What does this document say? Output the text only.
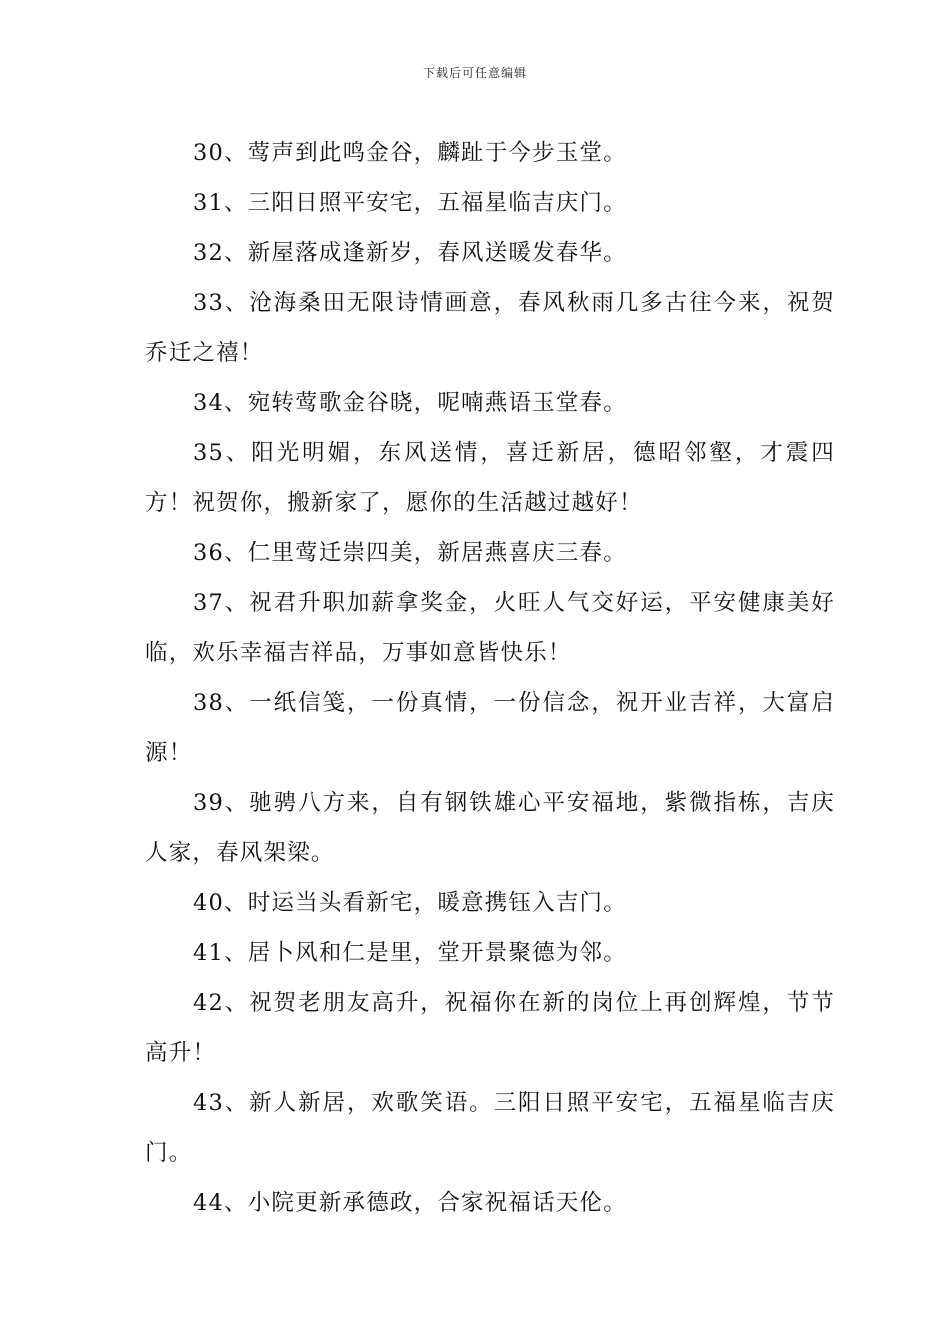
下载后可任意编辑

30、莺声到此鸣金谷，麟趾于今步玉堂。

31、三阳日照平安宅，五福星临吉庆门。

32、新屋落成逢新岁，春风送暖发春华。

33、沧海桑田无限诗情画意，春风秋雨几多古往今来，祝贺乔迁之禧！

34、宛转莺歌金谷晓，呢喃燕语玉堂春。

35、阳光明媚，东风送情，喜迁新居，德昭邻壑，才震四方！祝贺你，搬新家了，愿你的生活越过越好！

36、仁里莺迁崇四美，新居燕喜庆三春。

37、祝君升职加薪拿奖金，火旺人气交好运，平安健康美好临，欢乐幸福吉祥品，万事如意皆快乐！

38、一纸信笺，一份真情，一份信念，祝开业吉祥，大富启源！

39、驰骋八方来，自有钢铁雄心平安福地，紫微指栋，吉庆人家，春风架梁。

40、时运当头看新宅，暖意携钰入吉门。

41、居卜风和仁是里，堂开景聚德为邻。

42、祝贺老朋友高升，祝福你在新的岗位上再创辉煌，节节高升！

43、新人新居，欢歌笑语。三阳日照平安宅，五福星临吉庆门。

44、小院更新承德政，合家祝福话天伦。
